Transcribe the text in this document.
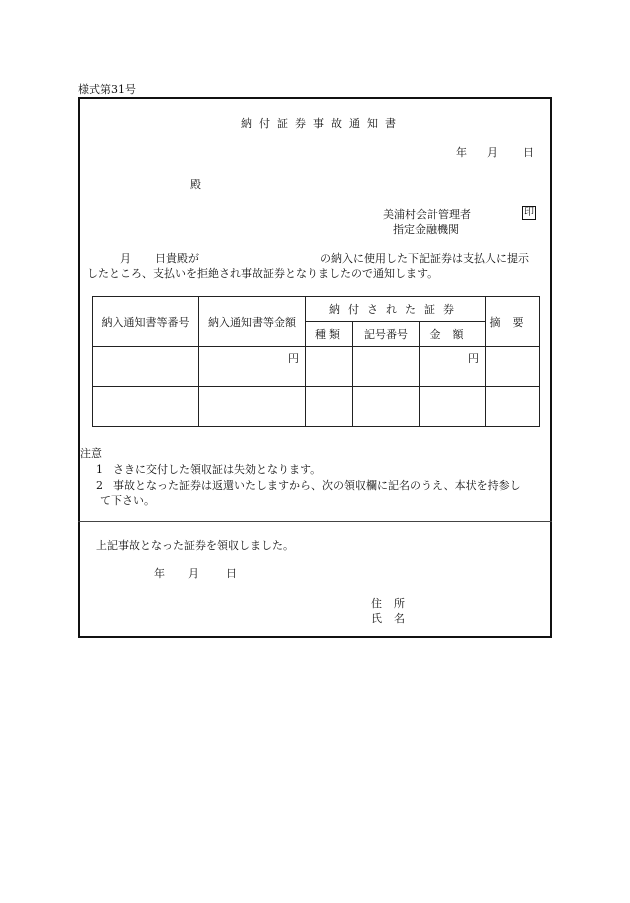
様式第31号
納付証券事故通知書
年 月 日
殿
美浦村会計管理者	印
指定金融機関
月 日貴殿が	の納入に使用した下記証券は支払人に提示
したところ、支払いを拒絶され事故証券となりましたので通知します。
納入通知書等番号	納入通知書等金額	納付された証券			摘要
		種類	記号番号	金額	
	円			円	

注意
1 さきに交付した領収証は失効となります。
2 事故となった証券は返還いたしますから、次の領収欄に記名のうえ、本状を持参し
て下さい。
上記事故となった証券を領収しました。
年 月 日
住所
氏名
